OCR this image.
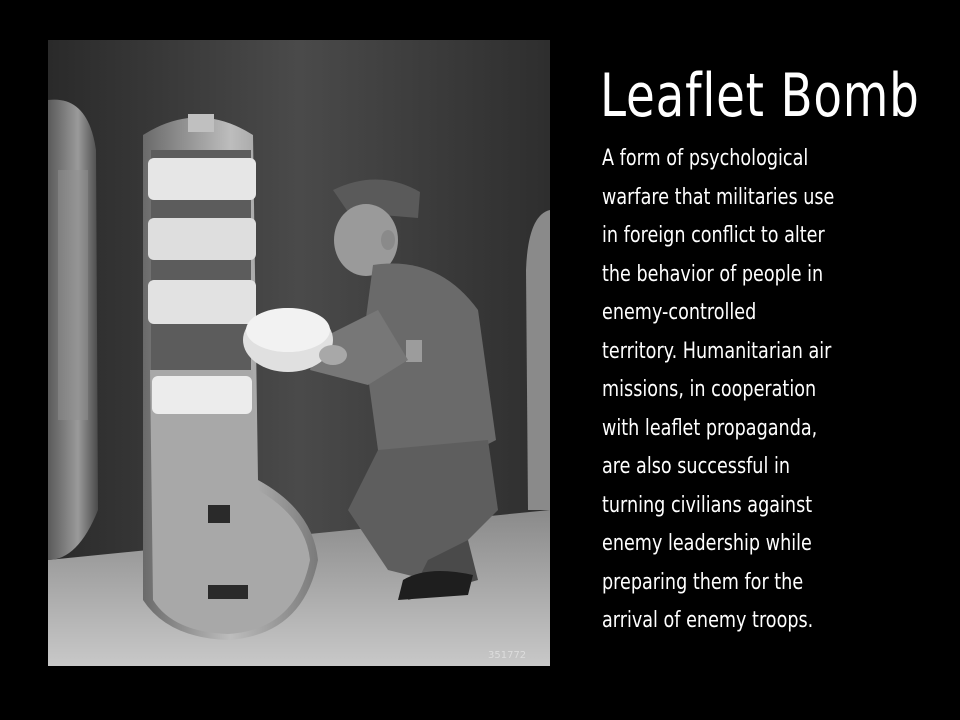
351772
Leaflet Bomb
A form of psychological
warfare that militaries use
in foreign conflict to alter
the behavior of people in
enemy-controlled
territory. Humanitarian air
missions, in cooperation
with leaflet propaganda,
are also successful in
turning civilians against
enemy leadership while
preparing them for the
arrival of enemy troops.
